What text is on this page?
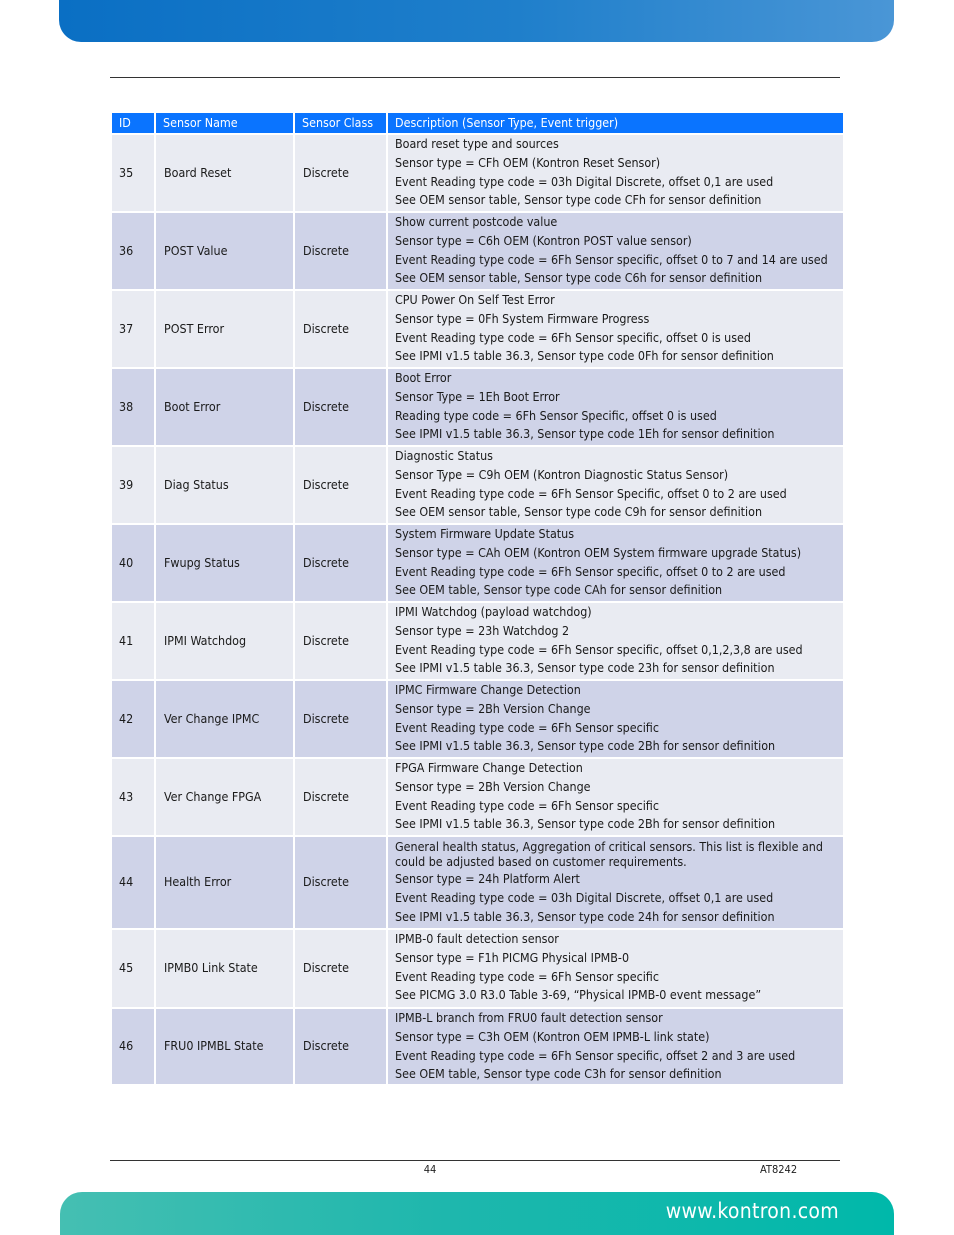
ID	Sensor Name	Sensor Class	Description (Sensor Type, Event trigger)
35	Board Reset	Discrete	Board reset type and sources
Sensor type = CFh OEM (Kontron Reset Sensor)
Event Reading type code = 03h Digital Discrete, offset 0,1 are used
See OEM sensor table, Sensor type code CFh for sensor definition

36	POST Value	Discrete	Show current postcode value
Sensor type = C6h OEM (Kontron POST value sensor)
Event Reading type code = 6Fh Sensor specific, offset 0 to 7 and 14 are used
See OEM sensor table, Sensor type code C6h for sensor definition

37	POST Error	Discrete	CPU Power On Self Test Error
Sensor type = 0Fh System Firmware Progress
Event Reading type code = 6Fh Sensor specific, offset 0 is used
See IPMI v1.5 table 36.3, Sensor type code 0Fh for sensor definition

38	Boot Error	Discrete	Boot Error
Sensor Type = 1Eh Boot Error
Reading type code = 6Fh Sensor Specific, offset 0 is used
See IPMI v1.5 table 36.3, Sensor type code 1Eh for sensor definition

39	Diag Status	Discrete	Diagnostic Status
Sensor Type = C9h OEM (Kontron Diagnostic Status Sensor)
Event Reading type code = 6Fh Sensor Specific, offset 0 to 2 are used
See OEM sensor table, Sensor type code C9h for sensor definition

40	Fwupg Status	Discrete	System Firmware Update Status
Sensor type = CAh OEM (Kontron OEM System firmware upgrade Status)
Event Reading type code = 6Fh Sensor specific, offset 0 to 2 are used
See OEM table, Sensor type code CAh for sensor definition

41	IPMI Watchdog	Discrete	IPMI Watchdog (payload watchdog)
Sensor type = 23h Watchdog 2
Event Reading type code = 6Fh Sensor specific, offset 0,1,2,3,8 are used
See IPMI v1.5 table 36.3, Sensor type code 23h for sensor definition

42	Ver Change IPMC	Discrete	IPMC Firmware Change Detection
Sensor type = 2Bh Version Change
Event Reading type code = 6Fh Sensor specific
See IPMI v1.5 table 36.3, Sensor type code 2Bh for sensor definition

43	Ver Change FPGA	Discrete	FPGA Firmware Change Detection
Sensor type = 2Bh Version Change
Event Reading type code = 6Fh Sensor specific
See IPMI v1.5 table 36.3, Sensor type code 2Bh for sensor definition

44	Health Error	Discrete	General health status, Aggregation of critical sensors. This list is flexible and could be adjusted based on customer requirements.
Sensor type = 24h Platform Alert
Event Reading type code = 03h Digital Discrete, offset 0,1 are used
See IPMI v1.5 table 36.3, Sensor type code 24h for sensor definition

45	IPMB0 Link State	Discrete	IPMB-0 fault detection sensor
Sensor type = F1h PICMG Physical IPMB-0
Event Reading type code = 6Fh Sensor specific
See PICMG 3.0 R3.0 Table 3-69, “Physical IPMB-0 event message”

46	FRU0 IPMBL State	Discrete	IPMB-L branch from FRU0 fault detection sensor
Sensor type = C3h OEM (Kontron OEM IPMB-L link state)
Event Reading type code = 6Fh Sensor specific, offset 2 and 3 are used
See OEM table, Sensor type code C3h for sensor definition
44	AT8242
www.kontron.com
